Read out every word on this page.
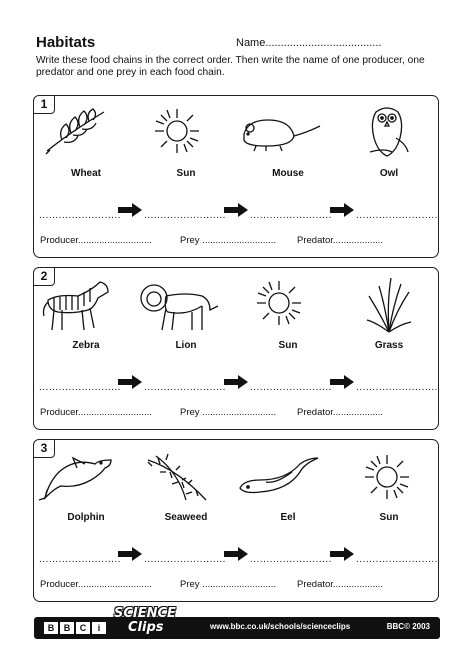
Habitats	Name......................................
Write these food chains in the correct order. Then write the name of one producer, one predator and one prey in each food chain.
1
Wheat	Sun	Mouse	Owl
......................... ......................... ......................... .........................
Producer............................	Prey ............................ Predator...................
2
Zebra	Lion	Sun	Grass
......................... ......................... ......................... .........................
Producer............................	Prey ............................ Predator...................
3
Dolphin	Seaweed	Eel	Sun
......................... ......................... ......................... .........................
Producer............................	Prey ............................ Predator...................
B	B	C	i
SCIENCE
Clips	www.bbc.co.uk/schools/scienceclips	BBC© 2003
